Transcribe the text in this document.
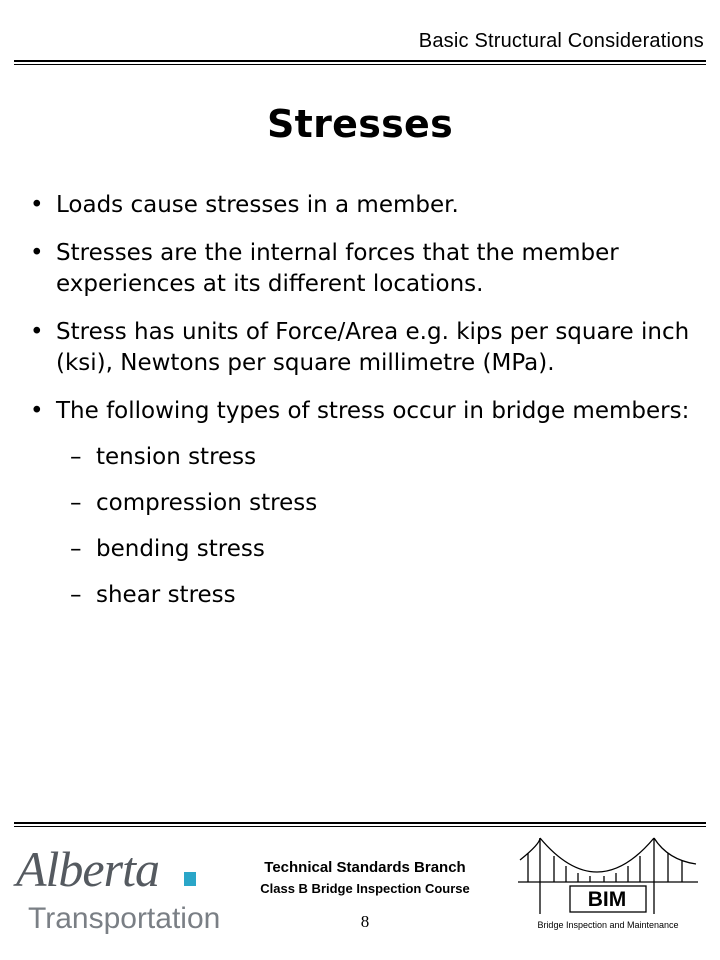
Basic Structural Considerations
Stresses
• Loads cause stresses in a member.
• Stresses are the internal forces that the member experiences at its different locations.
• Stress has units of Force/Area e.g. kips per square inch (ksi), Newtons per square millimetre (MPa).
• The following types of stress occur in bridge members:
– tension stress
– compression stress
– bending stress
– shear stress
Alberta
Transportation
Technical Standards Branch
Class B Bridge Inspection Course
8
BIM
Bridge Inspection and Maintenance
